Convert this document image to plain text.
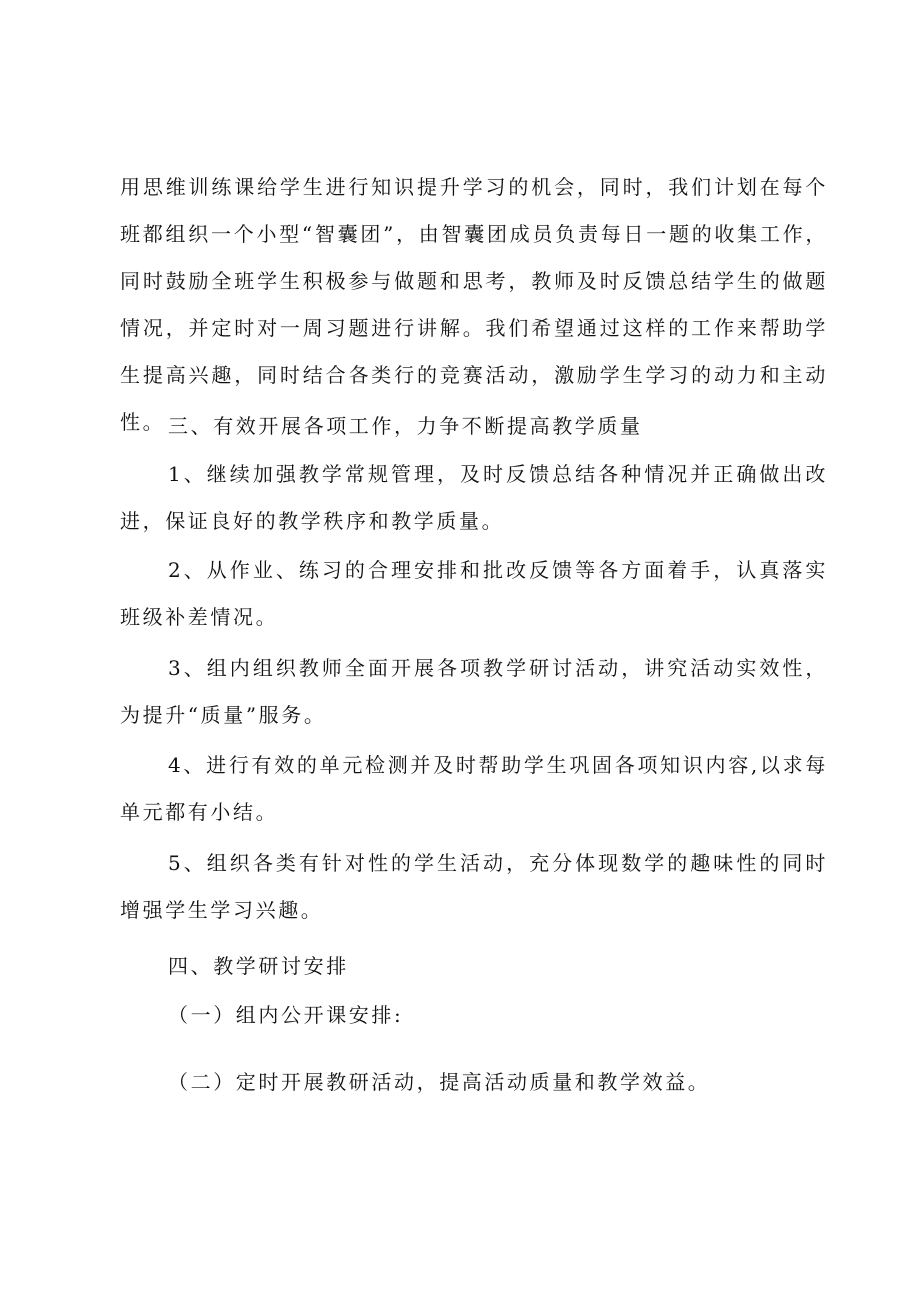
用思维训练课给学生进行知识提升学习的机会，同时，我们计划在每个班都组织一个小型“智囊团”，由智囊团成员负责每日一题的收集工作，同时鼓励全班学生积极参与做题和思考，教师及时反馈总结学生的做题情况，并定时对一周习题进行讲解。我们希望通过这样的工作来帮助学生提高兴趣，同时结合各类行的竞赛活动，激励学生学习的动力和主动性。 三、有效开展各项工作，力争不断提高教学质量

1、继续加强教学常规管理，及时反馈总结各种情况并正确做出改进，保证良好的教学秩序和教学质量。

2、从作业、练习的合理安排和批改反馈等各方面着手，认真落实班级补差情况。

3、组内组织教师全面开展各项教学研讨活动，讲究活动实效性，为提升“质量”服务。

4、进行有效的单元检测并及时帮助学生巩固各项知识内容,以求每单元都有小结。

5、组织各类有针对性的学生活动，充分体现数学的趣味性的同时增强学生学习兴趣。

四、教学研讨安排

（一）组内公开课安排:

（二）定时开展教研活动，提高活动质量和教学效益。
